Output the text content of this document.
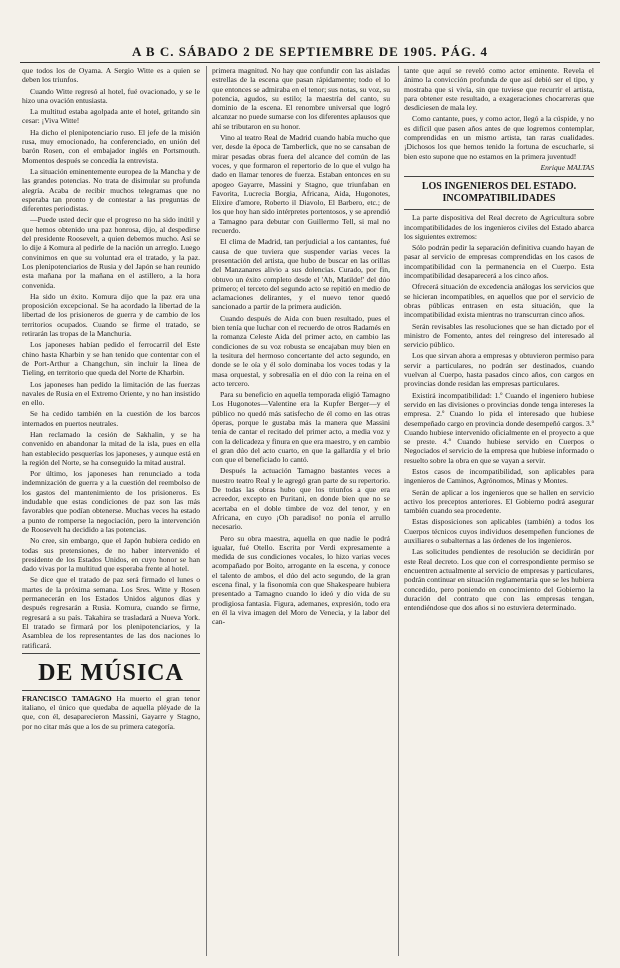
A B C. SÁBADO 2 DE SEPTIEMBRE DE 1905. PÁG. 4

que todos los de Oyama. A Sergio Witte es a quien se deben los triunfos.

Cuando Witte regresó al hotel, fué ovacionado, y se le hizo una ovación entusiasta.

La multitud estaba agolpada ante el hotel, gritando sin cesar: ¡Viva Witte!

Ha dicho el plenipotenciario ruso. El jefe de la misión rusa, muy emocionado, ha conferenciado, en unión del barón Rosen, con el embajador inglés en Portsmouth. Momentos después se concedía la entrevista.

La situación eminentemente europea de la Mancha y de las grandes potencias. No trata de disimular su profunda alegría. Acaba de recibir muchos telegramas que no esperaba tan pronto y de contestar a las preguntas de diferentes periodistas.

—Puede usted decir que el progreso no ha sido inútil y que hemos obtenido una paz honrosa, dijo, al despedirse del presidente Roosevelt, a quien debemos mucho. Así se lo dije á Komura al pedirle de la nación un arreglo. Luego convinimos en que su voluntad era el tratado, y la paz. Los plenipotenciarios de Rusia y del Japón se han reunido esta mañana por la mañana en el astillero, a la hora convenida.

Ha sido un éxito. Komura dijo que la paz era una proposición excepcional. Se ha acordado la libertad de la libertad de los prisioneros de guerra y de cambio de los territorios ocupados. Cuando se firme el tratado, se retirarán las tropas de la Manchuria.

Los japoneses habían pedido el ferrocarril del Este chino hasta Kharbin y se han tenido que contentar con el de Port-Arthur a Changchun, sin incluir la línea de Tieling, en territorio que queda del Norte de Kharbin.

Los japoneses han pedido la limitación de las fuerzas navales de Rusia en el Extremo Oriente, y no han insistido en ello.

Se ha cedido también en la cuestión de los barcos internados en puertos neutrales.

Han reclamado la cesión de Sakhalin, y se ha convenido en abandonar la mitad de la isla, pues en ella han establecido pesquerías los japoneses, y aunque está en la región del Norte, se ha conseguido la mitad austral.

Por último, los japoneses han renunciado a toda indemnización de guerra y a la cuestión del reembolso de los gastos del mantenimiento de los prisioneros. Es indudable que estas condiciones de paz son las más favorables que podían obtenerse. Muchas veces ha estado a punto de romperse la negociación, pero la intervención de Roosevelt ha decidido a las potencias.

No cree, sin embargo, que el Japón hubiera cedido en todas sus pretensiones, de no haber intervenido el presidente de los Estados Unidos, en cuyo honor se han dado vivas por la multitud que esperaba frente al hotel.

Se dice que el tratado de paz será firmado el lunes o martes de la próxima semana. Los Sres. Witte y Rosen permanecerán en los Estados Unidos algunos días y después regresarán a Rusia. Komura, cuando se firme, regresará a su país. Takahira se trasladará a Nueva York. El tratado se firmará por los plenipotenciarios, y la Asamblea de los representantes de las dos naciones lo ratificará.

DE MÚSICA

FRANCISCO TAMAGNO Ha muerto el gran tenor italiano, el único que quedaba de aquella pléyade de la que, con él, desaparecieron Massini, Gayarre y Stagno, por no citar más que a los de su primera categoría.

primera magnitud. No hay que confundir con las aisladas estrellas de la escena que pasan rápidamente; todo el lo que entonces se admiraba en el tenor; sus notas, su voz, su potencia, agudos, su estilo; la maestría del canto, su dominio de la escena. El renombre universal que logró alcanzar no puede sumarse con los diferentes aplausos que ahí se tributaron en su honor.

Vino al teatro Real de Madrid cuando había mucho que ver, desde la época de Tamberlick, que no se cansaban de mirar pesadas obras fuera del alcance del común de las voces, y que formaron el repertorio de lo que el vulgo ha dado en llamar tenores de fuerza. Estaban entonces en su apogeo Gayarre, Massini y Stagno, que triunfaban en Favorita, Lucrecia Borgia, Africana, Aida, Hugonotes, Elixire d'amore, Roberto il Diavolo, El Barbero, etc.; de los que hoy han sido intérpretes portentosos, y se aprendió a Tamagno para debutar con Guillermo Tell, si mal no recuerdo.

El clima de Madrid, tan perjudicial a los cantantes, fué causa de que tuviera que suspender varias veces la presentación del artista, que hubo de buscar en las orillas del Manzanares alivio a sus dolencias. Curado, por fin, obtuvo un éxito completo desde el 'Ah, Matilde!' del dúo primero; el terceto del segundo acto se repitió en medio de aclamaciones delirantes, y el nuevo tenor quedó sancionado a partir de la primera audición.

Cuando después de Aida con buen resultado, pues el bien tenía que luchar con el recuerdo de otros Radamés en la romanza Celeste Aida del primer acto, en cambio las condiciones de su voz robusta se encajaban muy bien en la tesitura del hermoso concertante del acto segundo, en donde se le oía y él solo dominaba los voces todas y la masa orquestal, y sobresalía en el dúo con la reina en el acto tercero.

Para su beneficio en aquella temporada eligió Tamagno Los Hugonotes—Valentine era la Kupfer Berger—y el público no quedó más satisfecho de él como en las otras óperas, porque le gustaba más la manera que Massini tenía de cantar el recitado del primer acto, a media voz y con la delicadeza y finura en que era maestro, y en cambio el gran dúo del acto cuarto, en que la gallardía y el brío con que el beneficiado lo cantó.

Después la actuación Tamagno bastantes veces a nuestro teatro Real y le agregó gran parte de su repertorio. De todas las obras hubo que los triunfos a que era acreedor, excepto en Puritani, en donde bien que no se acertaba en el doble timbre de voz del tenor, y en Africana, en cuyo ¡Oh paradiso! no ponía el arrullo necesario.

Pero su obra maestra, aquella en que nadie le podrá igualar, fué Otello. Escrita por Verdi expresamente a medida de sus condiciones vocales, lo hizo varias veces acompañado por Boito, arrogante en la escena, y conoce el talento de ambos, el dúo del acto segundo, de la gran escena final, y la fisonomía con que Shakespeare hubiera presentado a Tamagno cuando lo ideó y dio vida de su prodigiosa fantasía. Figura, ademanes, expresión, todo era en él la viva imagen del Moro de Venecia, y la labor del can-

tante que aquí se reveló como actor eminente. Revela el ánimo la convicción profunda de que así debió ser el tipo, y mostraba que si vivía, sin que tuviese que recurrir el artista, para obtener este resultado, a exageraciones chocarreras que desdiciesen de mala ley.

Como cantante, pues, y como actor, llegó a la cúspide, y no es difícil que pasen años antes de que logremos contemplar, comprendidas en un mismo artista, tan raras cualidades. ¡Dichosos los que hemos tenido la fortuna de escucharle, si bien esto supone que no estamos en la primera juventud!

Enrique MALTAS
LOS INGENIEROS DEL ESTADO.
INCOMPATIBILIDADES

La parte dispositiva del Real decreto de Agricultura sobre incompatibilidades de los ingenieros civiles del Estado abarca los siguientes extremos:

Sólo podrán pedir la separación definitiva cuando hayan de pasar al servicio de empresas comprendidas en los casos de incompatibilidad con la permanencia en el Cuerpo. Esta incompatibilidad desaparecerá a los cinco años.

Ofrecerá situación de excedencia análogas los servicios que se hicieran incompatibles, en aquellos que por el servicio de obras públicas entrasen en esta situación, que la incompatibilidad exista mientras no transcurran cinco años.

Serán revisables las resoluciones que se han dictado por el ministro de Fomento, antes del reingreso del interesado al servicio público.

Los que sirvan ahora a empresas y obtuvieron permiso para servir a particulares, no podrán ser destinados, cuando vuelvan al Cuerpo, hasta pasados cinco años, con cargos en provincias donde residan las empresas particulares.

Existirá incompatibilidad: 1.º Cuando el ingeniero hubiese servido en las divisiones o provincias donde tenga intereses la empresa. 2.º Cuando lo pida el interesado que hubiese desempeñado cargo en provincia donde desempeñó cargos. 3.º Cuando hubiese intervenido oficialmente en el proyecto a que se preste. 4.º Cuando hubiese servido en Cuerpos o Negociados el servicio de la empresa que hubiese informado o resuelto sobre la obra en que se vayan a servir.

Estos casos de incompatibilidad, son aplicables para ingenieros de Caminos, Agrónomos, Minas y Montes.

Serán de aplicar a los ingenieros que se hallen en servicio activo los preceptos anteriores. El Gobierno podrá asegurar también cuando sea procedente.

Estas disposiciones son aplicables (también) a todos los Cuerpos técnicos cuyos individuos desempeñen funciones de auxiliares o subalternas a las órdenes de los ingenieros.

Las solicitudes pendientes de resolución se decidirán por este Real decreto. Los que con el correspondiente permiso se encuentren actualmente al servicio de empresas y particulares, podrán continuar en situación reglamentaria que se les hubiera concedido, pero poniendo en conocimiento del Gobierno la duración del contrato que con las empresas tengan, entendiéndose que dos años si no estuviera determinado.
